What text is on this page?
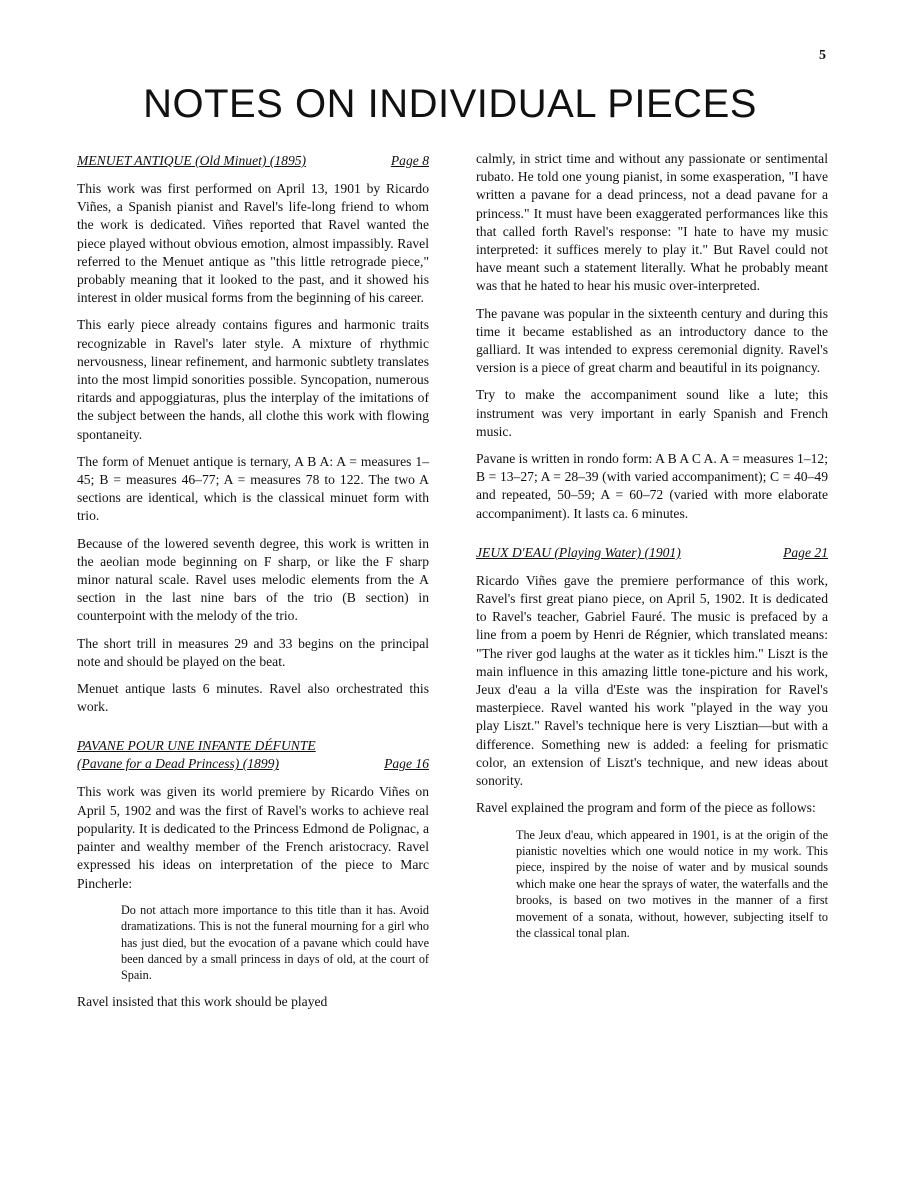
5
NOTES ON INDIVIDUAL PIECES
MENUET ANTIQUE (Old Minuet) (1895)	Page 8

This work was first performed on April 13, 1901 by Ricardo Viñes, a Spanish pianist and Ravel's life-long friend to whom the work is dedicated. Viñes reported that Ravel wanted the piece played without obvious emotion, almost impassibly. Ravel referred to the Menuet antique as "this little retrograde piece," probably meaning that it looked to the past, and it showed his interest in older musical forms from the beginning of his career.

This early piece already contains figures and harmonic traits recognizable in Ravel's later style. A mixture of rhythmic nervousness, linear refinement, and harmonic subtlety translates into the most limpid sonorities possible. Syncopation, numerous ritards and appoggiaturas, plus the interplay of the imitations of the subject between the hands, all clothe this work with flowing spontaneity.

The form of Menuet antique is ternary, A B A: A = measures 1–45; B = measures 46–77; A = measures 78 to 122. The two A sections are identical, which is the classical minuet form with trio.

Because of the lowered seventh degree, this work is written in the aeolian mode beginning on F sharp, or like the F sharp minor natural scale. Ravel uses melodic elements from the A section in the last nine bars of the trio (B section) in counterpoint with the melody of the trio.

The short trill in measures 29 and 33 begins on the principal note and should be played on the beat.

Menuet antique lasts 6 minutes. Ravel also orchestrated this work.

PAVANE POUR UNE INFANTE DÉFUNTE
(Pavane for a Dead Princess) (1899)	Page 16

This work was given its world premiere by Ricardo Viñes on April 5, 1902 and was the first of Ravel's works to achieve real popularity. It is dedicated to the Princess Edmond de Polignac, a painter and wealthy member of the French aristocracy. Ravel expressed his ideas on interpretation of the piece to Marc Pincherle:

Do not attach more importance to this title than it has. Avoid dramatizations. This is not the funeral mourning for a girl who has just died, but the evocation of a pavane which could have been danced by a small princess in days of old, at the court of Spain.

Ravel insisted that this work should be played

calmly, in strict time and without any passionate or sentimental rubato. He told one young pianist, in some exasperation, "I have written a pavane for a dead princess, not a dead pavane for a princess." It must have been exaggerated performances like this that called forth Ravel's response: "I hate to have my music interpreted: it suffices merely to play it." But Ravel could not have meant such a statement literally. What he probably meant was that he hated to hear his music over-interpreted.

The pavane was popular in the sixteenth century and during this time it became established as an introductory dance to the galliard. It was intended to express ceremonial dignity. Ravel's version is a piece of great charm and beautiful in its poignancy.

Try to make the accompaniment sound like a lute; this instrument was very important in early Spanish and French music.

Pavane is written in rondo form: A B A C A. A = measures 1–12; B = 13–27; A = 28–39 (with varied accompaniment); C = 40–49 and repeated, 50–59; A = 60–72 (varied with more elaborate accompaniment). It lasts ca. 6 minutes.

JEUX D'EAU (Playing Water) (1901)	Page 21

Ricardo Viñes gave the premiere performance of this work, Ravel's first great piano piece, on April 5, 1902. It is dedicated to Ravel's teacher, Gabriel Fauré. The music is prefaced by a line from a poem by Henri de Régnier, which translated means: "The river god laughs at the water as it tickles him." Liszt is the main influence in this amazing little tone-picture and his work, Jeux d'eau a la villa d'Este was the inspiration for Ravel's masterpiece. Ravel wanted his work "played in the way you play Liszt." Ravel's technique here is very Lisztian—but with a difference. Something new is added: a feeling for prismatic color, an extension of Liszt's technique, and new ideas about sonority.

Ravel explained the program and form of the piece as follows:

The Jeux d'eau, which appeared in 1901, is at the origin of the pianistic novelties which one would notice in my work. This piece, inspired by the noise of water and by musical sounds which make one hear the sprays of water, the waterfalls and the brooks, is based on two motives in the manner of a first movement of a sonata, without, however, subjecting itself to the classical tonal plan.
